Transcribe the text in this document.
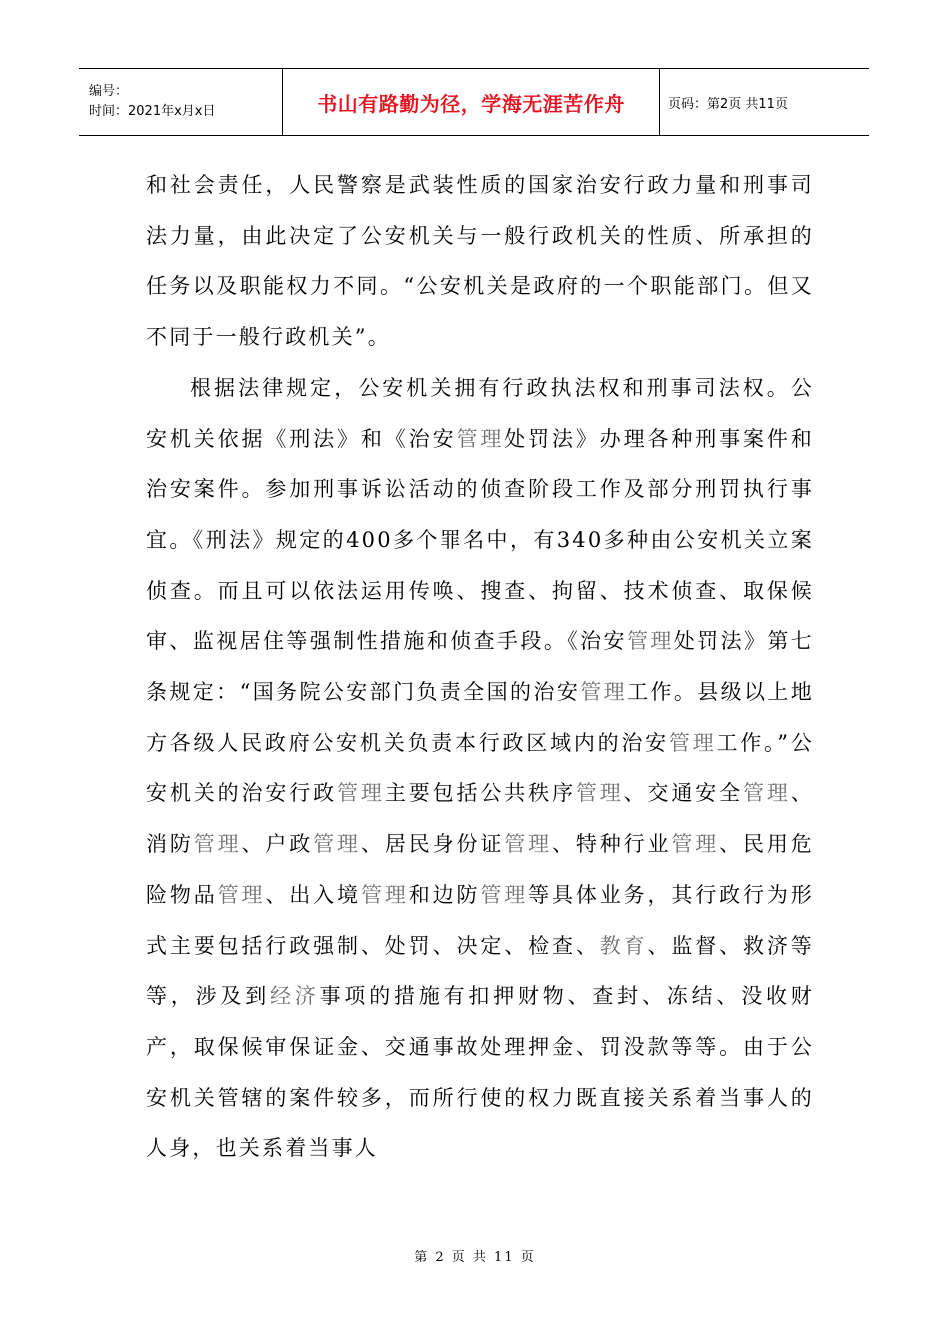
编号：
时间：2021年x月x日	书山有路勤为径，学海无涯苦作舟	页码：第2页 共11页

和社会责任，人民警察是武装性质的国家治安行政力量和刑事司法力量，由此决定了公安机关与一般行政机关的性质、所承担的任务以及职能权力不同。“公安机关是政府的一个职能部门。但又不同于一般行政机关”。

根据法律规定，公安机关拥有行政执法权和刑事司法权。公安机关依据《刑法》和《治安管理处罚法》办理各种刑事案件和治安案件。参加刑事诉讼活动的侦查阶段工作及部分刑罚执行事宜。《刑法》规定的400多个罪名中，有340多种由公安机关立案侦查。而且可以依法运用传唤、搜查、拘留、技术侦查、取保候审、监视居住等强制性措施和侦查手段。《治安管理处罚法》第七条规定：“国务院公安部门负责全国的治安管理工作。县级以上地方各级人民政府公安机关负责本行政区域内的治安管理工作。”公安机关的治安行政管理主要包括公共秩序管理、交通安全管理、消防管理、户政管理、居民身份证管理、特种行业管理、民用危险物品管理、出入境管理和边防管理等具体业务，其行政行为形式主要包括行政强制、处罚、决定、检查、教育、监督、救济等等，涉及到经济事项的措施有扣押财物、查封、冻结、没收财产，取保候审保证金、交通事故处理押金、罚没款等等。由于公安机关管辖的案件较多，而所行使的权力既直接关系着当事人的人身，也关系着当事人

第 2 页 共 11 页
